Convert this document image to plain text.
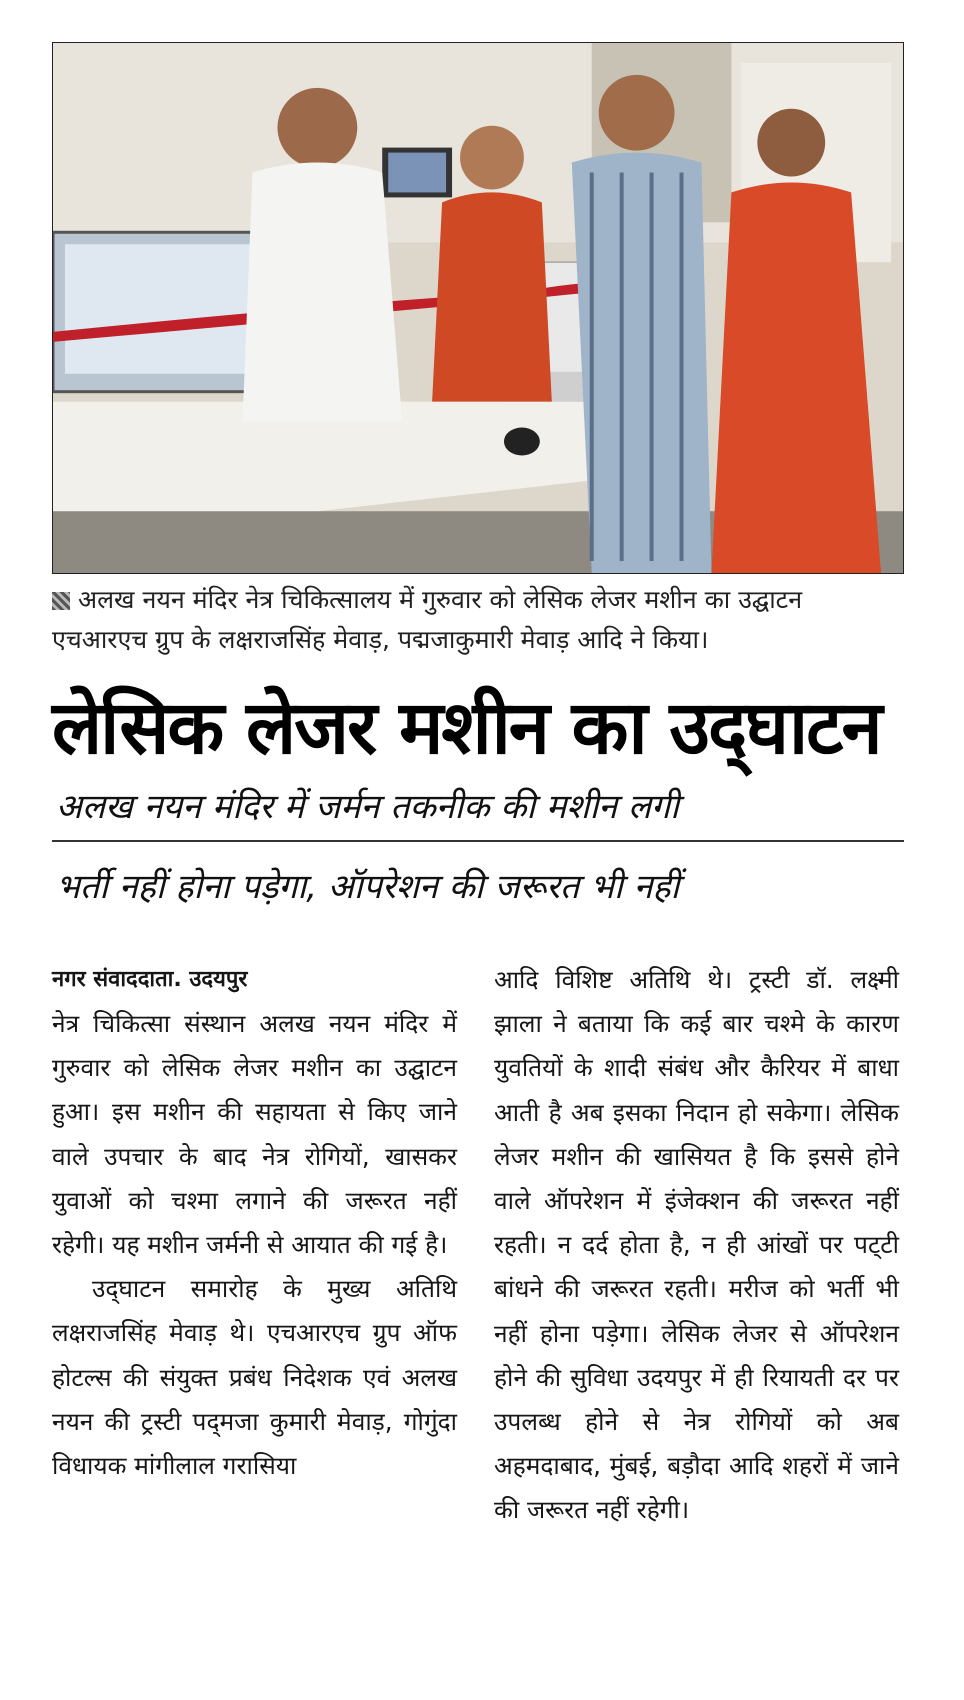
अलख नयन मंदिर नेत्र चिकित्सालय में गुरुवार को लेसिक लेजर मशीन का उद्घाटन एचआरएच ग्रुप के लक्षराजसिंह मेवाड़, पद्मजाकुमारी मेवाड़ आदि ने किया।
लेसिक लेजर मशीन का उद्‌घाटन
अलख नयन मंदिर में जर्मन तकनीक की मशीन लगी
भर्ती नहीं होना पड़ेगा, ऑपरेशन की जरूरत भी नहीं

नगर संवाददाता. उदयपुर

नेत्र चिकित्सा संस्थान अलख नयन मंदिर में गुरुवार को लेसिक लेजर मशीन का उद्घाटन हुआ। इस मशीन की सहायता से किए जाने वाले उपचार के बाद नेत्र रोगियों, खासकर युवाओं को चश्मा लगाने की जरूरत नहीं रहेगी। यह मशीन जर्मनी से आयात की गई है।

उद्‌घाटन समारोह के मुख्य अतिथि लक्षराजसिंह मेवाड़ थे। एचआरएच ग्रुप ऑफ होटल्स की संयुक्त प्रबंध निदेशक एवं अलख नयन की ट्रस्टी पद्‌मजा कुमारी मेवाड़, गोगुंदा विधायक मांगीलाल गरासिया

आदि विशिष्ट अतिथि थे। ट्रस्टी डॉ. लक्ष्मी झाला ने बताया कि कई बार चश्मे के कारण युवतियों के शादी संबंध और कैरियर में बाधा आती है अब इसका निदान हो सकेगा। लेसिक लेजर मशीन की खासियत है कि इससे होने वाले ऑपरेशन में इंजेक्शन की जरूरत नहीं रहती। न दर्द होता है, न ही आंखों पर पट्‌टी बांधने की जरूरत रहती। मरीज को भर्ती भी नहीं होना पड़ेगा। लेसिक लेजर से ऑपरेशन होने की सुविधा उदयपुर में ही रियायती दर पर उपलब्ध होने से नेत्र रोगियों को अब अहमदाबाद, मुंबई, बड़ौदा आदि शहरों में जाने की जरूरत नहीं रहेगी।
